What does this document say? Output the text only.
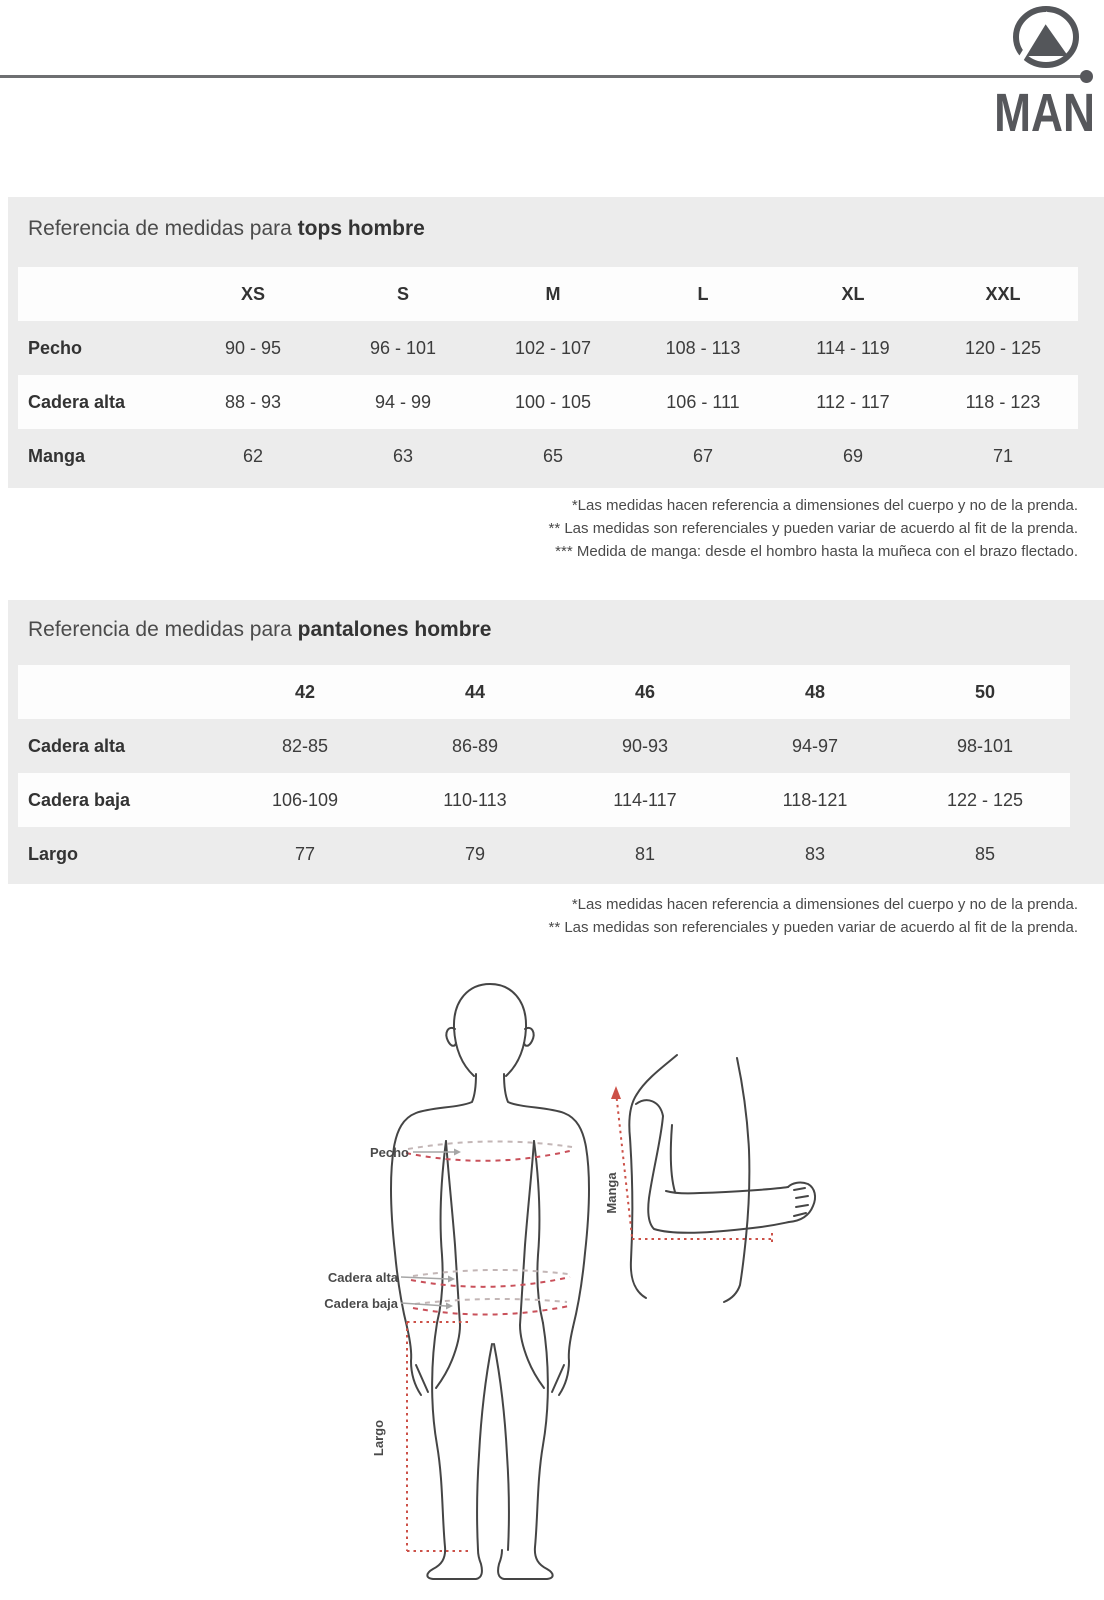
MAN
Referencia de medidas para tops hombre
	XS	S	M	L	XL	XXL
Pecho	90 - 95	96 - 101	102 - 107	108 - 113	114 - 119	120 - 125
Cadera alta	88 - 93	94 - 99	100 - 105	106 - 111	112 - 117	118 - 123
Manga	62	63	65	67	69	71
*Las medidas hacen referencia a dimensiones del cuerpo y no de la prenda.
** Las medidas son referenciales y pueden variar de acuerdo al fit de la prenda.
*** Medida de manga: desde el hombro hasta la muñeca con el brazo flectado.
Referencia de medidas para pantalones hombre
	42	44	46	48	50
Cadera alta	82-85	86-89	90-93	94-97	98-101
Cadera baja	106-109	110-113	114-117	118-121	122 - 125
Largo	77	79	81	83	85
*Las medidas hacen referencia a dimensiones del cuerpo y no de la prenda.
** Las medidas son referenciales y pueden variar de acuerdo al fit de la prenda.
Pecho
Cadera alta
Cadera baja
Largo
Manga
